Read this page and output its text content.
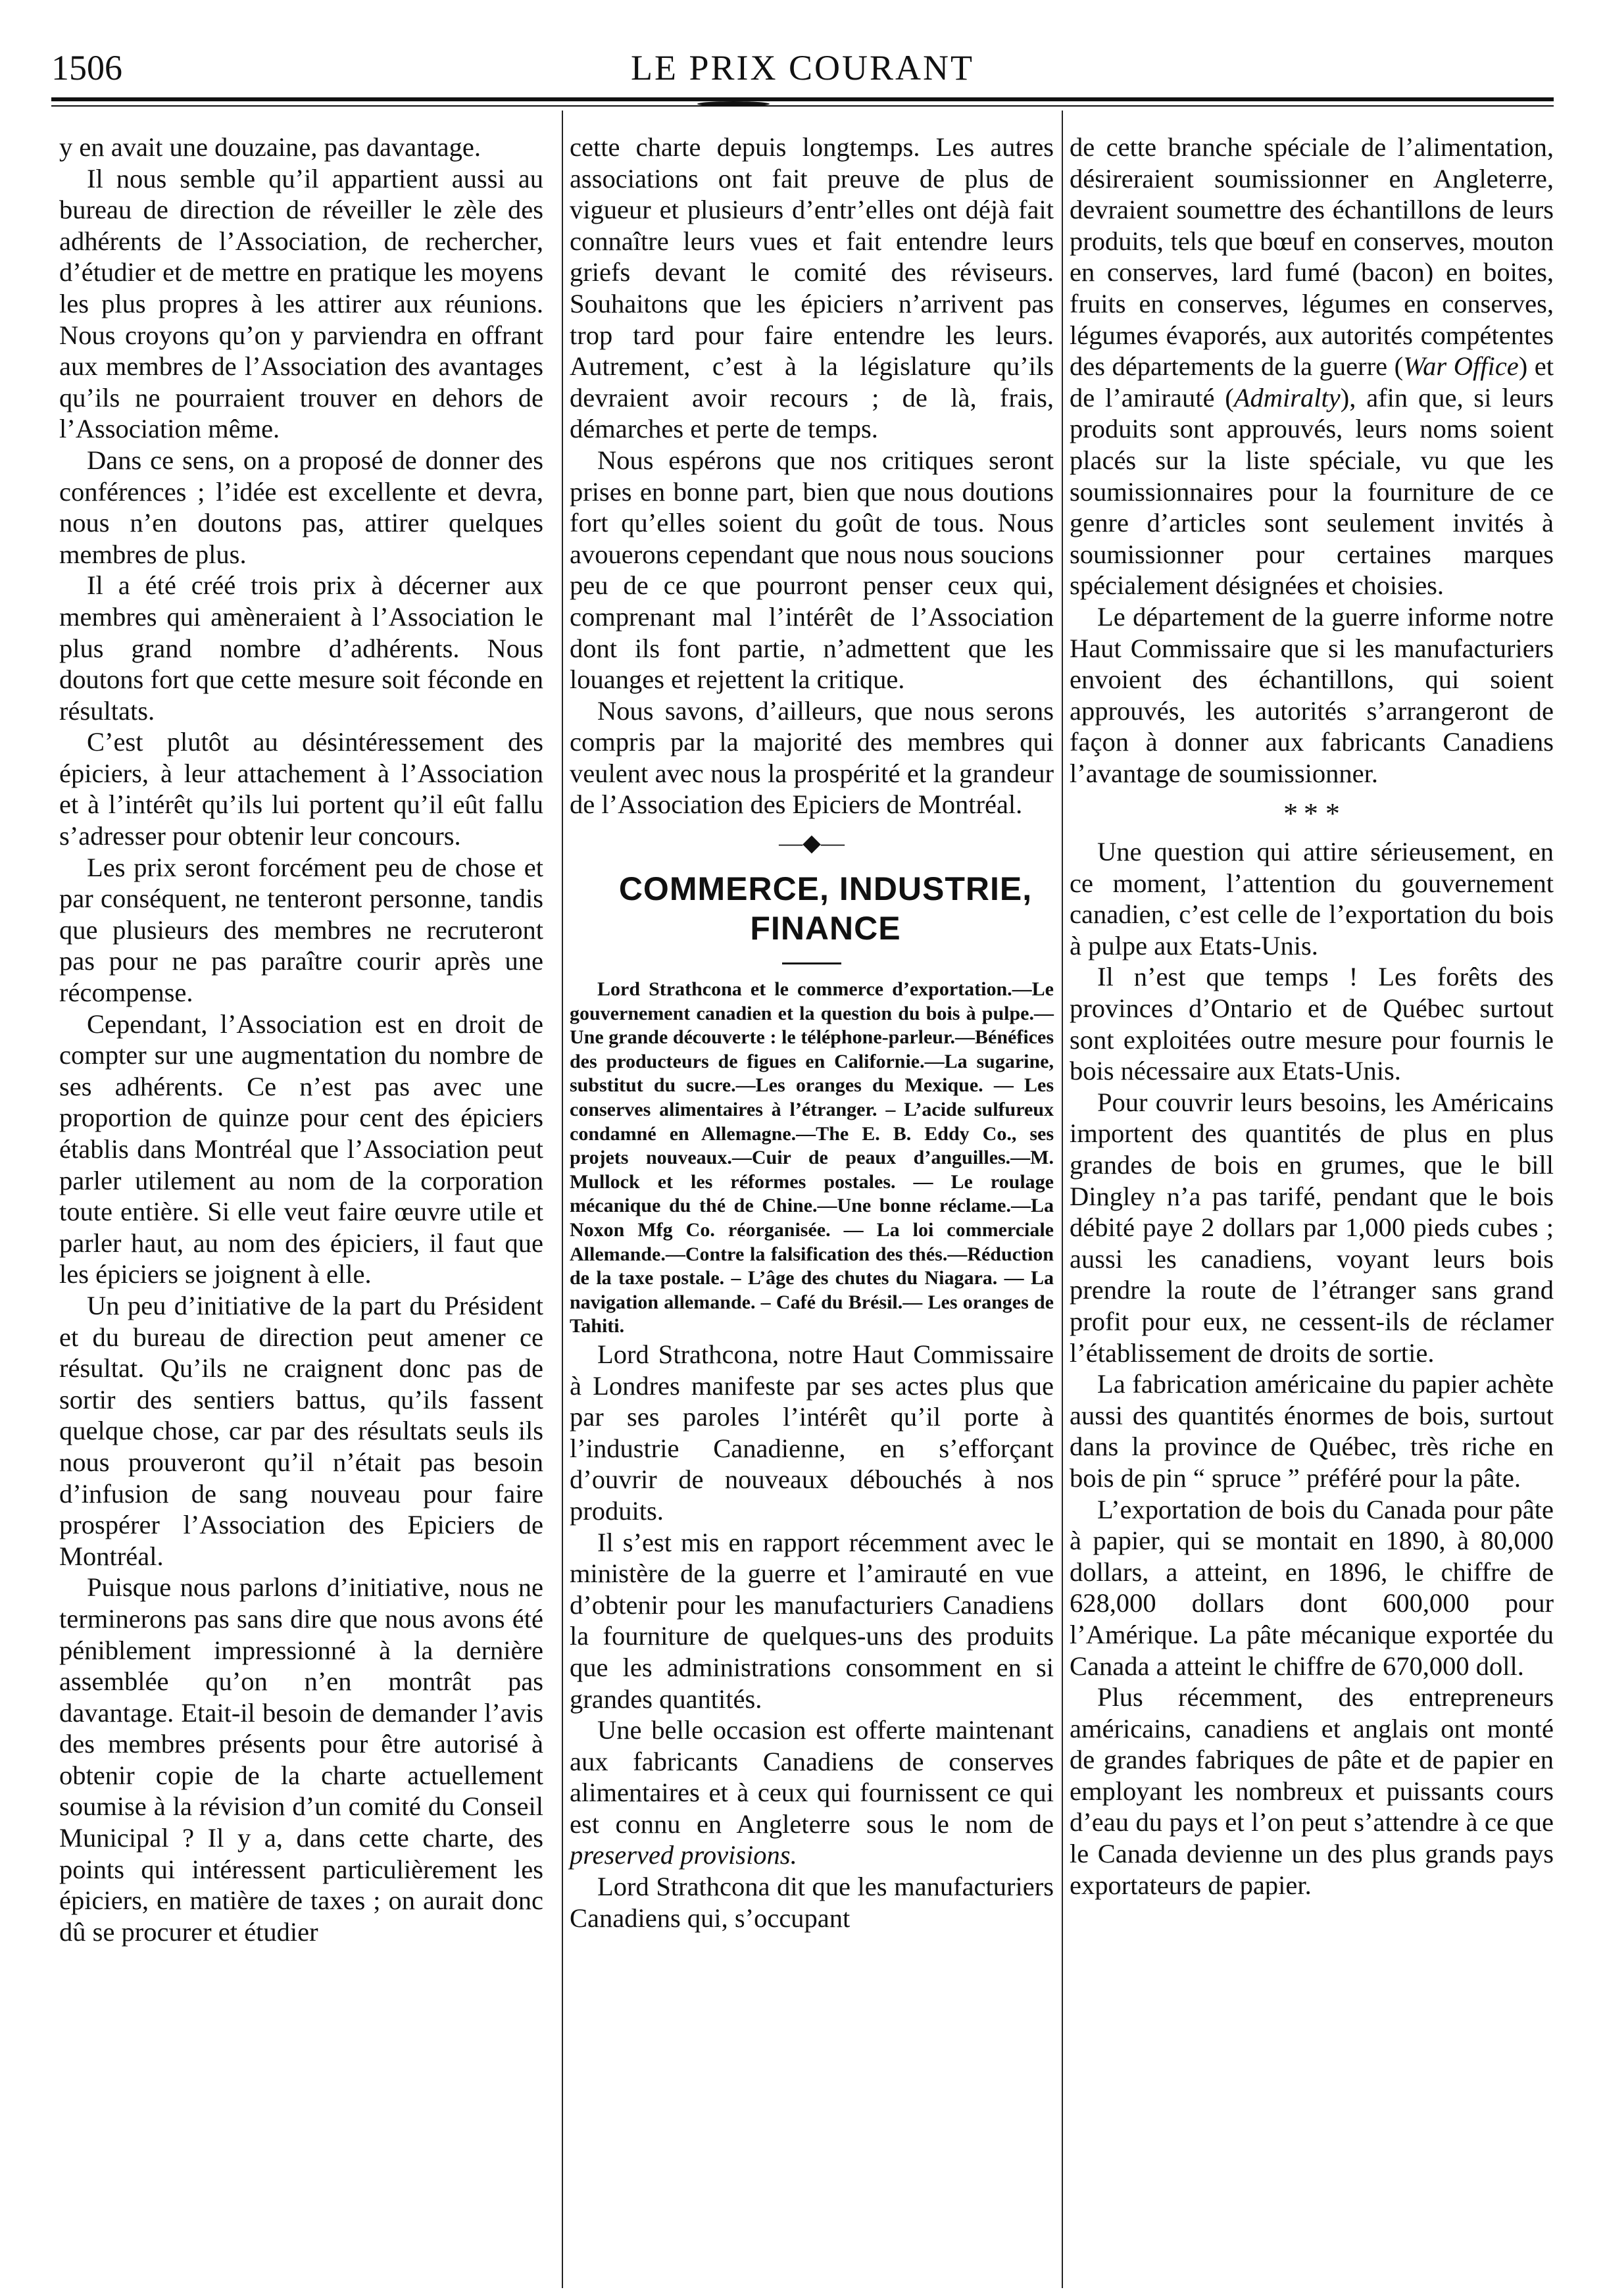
1506	LE PRIX COURANT

y en avait une douzaine, pas davantage.

Il nous semble qu’il appartient aussi au bureau de direction de réveiller le zèle des adhérents de l’Association, de rechercher, d’étudier et de mettre en pratique les moyens les plus propres à les attirer aux réunions. Nous croyons qu’on y parviendra en offrant aux membres de l’Association des avantages qu’ils ne pourraient trouver en dehors de l’Association même.

Dans ce sens, on a proposé de donner des conférences ; l’idée est excellente et devra, nous n’en doutons pas, attirer quelques membres de plus.

Il a été créé trois prix à décerner aux membres qui amèneraient à l’Association le plus grand nombre d’adhérents. Nous doutons fort que cette mesure soit féconde en résultats.

C’est plutôt au désintéressement des épiciers, à leur attachement à l’Association et à l’intérêt qu’ils lui portent qu’il eût fallu s’adresser pour obtenir leur concours.

Les prix seront forcément peu de chose et par conséquent, ne tenteront personne, tandis que plusieurs des membres ne recruteront pas pour ne pas paraître courir après une récompense.

Cependant, l’Association est en droit de compter sur une augmentation du nombre de ses adhérents. Ce n’est pas avec une proportion de quinze pour cent des épiciers établis dans Montréal que l’Association peut parler utilement au nom de la corporation toute entière. Si elle veut faire œuvre utile et parler haut, au nom des épiciers, il faut que les épiciers se joignent à elle.

Un peu d’initiative de la part du Président et du bureau de direction peut amener ce résultat. Qu’ils ne craignent donc pas de sortir des sentiers battus, qu’ils fassent quelque chose, car par des résultats seuls ils nous prouveront qu’il n’était pas besoin d’infusion de sang nouveau pour faire prospérer l’Association des Epiciers de Montréal.

Puisque nous parlons d’initiative, nous ne terminerons pas sans dire que nous avons été péniblement impressionné à la dernière assemblée qu’on n’en montrât pas davantage. Etait-il besoin de demander l’avis des membres présents pour être autorisé à obtenir copie de la charte actuellement soumise à la révision d’un comité du Conseil Municipal ? Il y a, dans cette charte, des points qui intéressent particulièrement les épiciers, en matière de taxes ; on aurait donc dû se procurer et étudier

cette charte depuis longtemps. Les autres associations ont fait preuve de plus de vigueur et plusieurs d’entr’elles ont déjà fait connaître leurs vues et fait entendre leurs griefs devant le comité des réviseurs. Souhaitons que les épiciers n’arrivent pas trop tard pour faire entendre les leurs. Autrement, c’est à la législature qu’ils devraient avoir recours ; de là, frais, démarches et perte de temps.

Nous espérons que nos critiques seront prises en bonne part, bien que nous doutions fort qu’elles soient du goût de tous. Nous avouerons cependant que nous nous soucions peu de ce que pourront penser ceux qui, comprenant mal l’intérêt de l’Association dont ils font partie, n’admettent que les louanges et rejettent la critique.

Nous savons, d’ailleurs, que nous serons compris par la majorité des membres qui veulent avec nous la prospérité et la grandeur de l’Association des Epiciers de Montréal.

—◆—

COMMERCE, INDUSTRIE,

FINANCE

Lord Strathcona et le commerce d’exportation.—Le gouvernement canadien et la question du bois à pulpe.—Une grande découverte : le téléphone-parleur.—Bénéfices des producteurs de figues en Californie.—La sugarine, substitut du sucre.—Les oranges du Mexique. — Les conserves alimentaires à l’étranger. – L’acide sulfureux condamné en Allemagne.—The E. B. Eddy Co., ses projets nouveaux.—Cuir de peaux d’anguilles.—M. Mullock et les réformes postales. — Le roulage mécanique du thé de Chine.—Une bonne réclame.—La Noxon Mfg Co. réorganisée. — La loi commerciale Allemande.—Contre la falsification des thés.—Réduction de la taxe postale. – L’âge des chutes du Niagara. — La navigation allemande. – Café du Brésil.— Les oranges de Tahiti.

Lord Strathcona, notre Haut Commissaire à Londres manifeste par ses actes plus que par ses paroles l’intérêt qu’il porte à l’industrie Canadienne, en s’efforçant d’ouvrir de nouveaux débouchés à nos produits.

Il s’est mis en rapport récemment avec le ministère de la guerre et l’amirauté en vue d’obtenir pour les manufacturiers Canadiens la fourniture de quelques-uns des produits que les administrations consomment en si grandes quantités.

Une belle occasion est offerte maintenant aux fabricants Canadiens de conserves alimentaires et à ceux qui fournissent ce qui est connu en Angleterre sous le nom de preserved provisions.

Lord Strathcona dit que les manufacturiers Canadiens qui, s’occupant

de cette branche spéciale de l’alimentation, désireraient soumissionner en Angleterre, devraient soumettre des échantillons de leurs produits, tels que bœuf en conserves, mouton en conserves, lard fumé (bacon) en boites, fruits en conserves, légumes en conserves, légumes évaporés, aux autorités compétentes des départements de la guerre (War Office) et de l’amirauté (Admiralty), afin que, si leurs produits sont approuvés, leurs noms soient placés sur la liste spéciale, vu que les soumissionnaires pour la fourniture de ce genre d’articles sont seulement invités à soumissionner pour certaines marques spécialement désignées et choisies.

Le département de la guerre informe notre Haut Commissaire que si les manufacturiers envoient des échantillons, qui soient approuvés, les autorités s’arrangeront de façon à donner aux fabricants Canadiens l’avantage de soumissionner.

* * *

Une question qui attire sérieusement, en ce moment, l’attention du gouvernement canadien, c’est celle de l’exportation du bois à pulpe aux Etats-Unis.

Il n’est que temps ! Les forêts des provinces d’Ontario et de Québec surtout sont exploitées outre mesure pour fournis le bois nécessaire aux Etats-Unis.

Pour couvrir leurs besoins, les Américains importent des quantités de plus en plus grandes de bois en grumes, que le bill Dingley n’a pas tarifé, pendant que le bois débité paye 2 dollars par 1,000 pieds cubes ; aussi les canadiens, voyant leurs bois prendre la route de l’étranger sans grand profit pour eux, ne cessent-ils de réclamer l’établissement de droits de sortie.

La fabrication américaine du papier achète aussi des quantités énormes de bois, surtout dans la province de Québec, très riche en bois de pin “ spruce ” préféré pour la pâte.

L’exportation de bois du Canada pour pâte à papier, qui se montait en 1890, à 80,000 dollars, a atteint, en 1896, le chiffre de 628,000 dollars dont 600,000 pour l’Amérique. La pâte mécanique exportée du Canada a atteint le chiffre de 670,000 doll.

Plus récemment, des entrepreneurs américains, canadiens et anglais ont monté de grandes fabriques de pâte et de papier en employant les nombreux et puissants cours d’eau du pays et l’on peut s’attendre à ce que le Canada devienne un des plus grands pays exportateurs de papier.
